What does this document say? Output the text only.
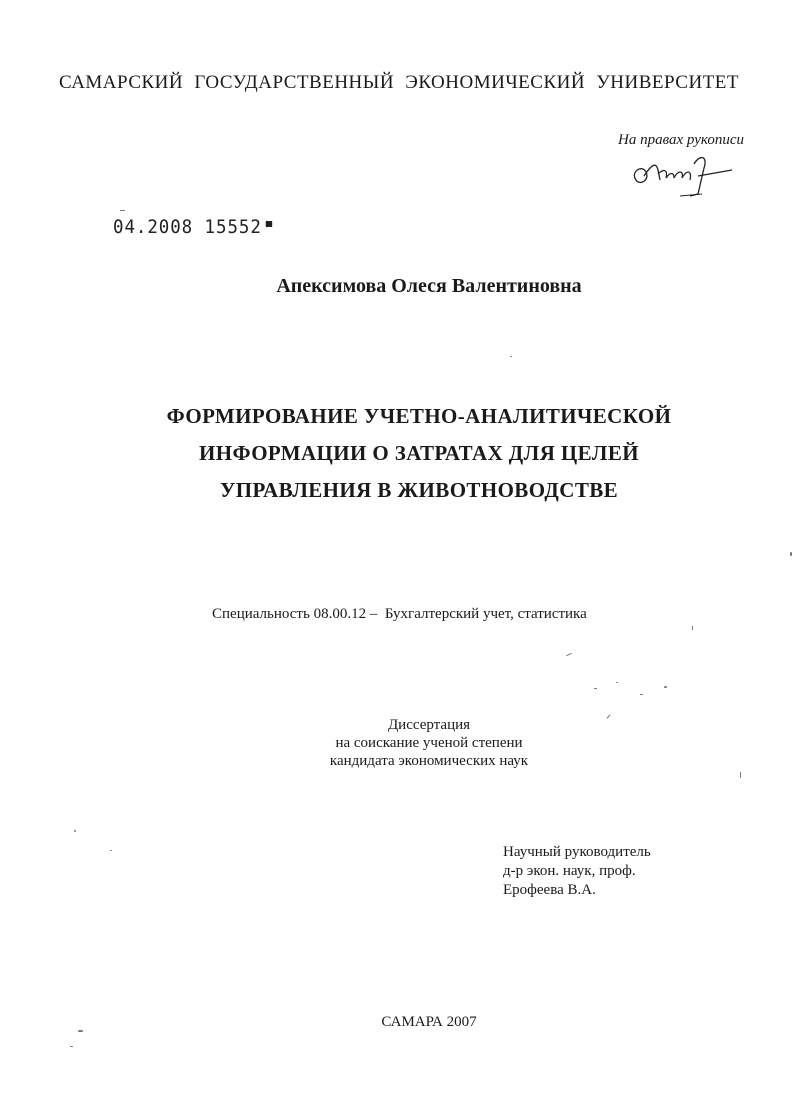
САМАРСКИЙ ГОСУДАРСТВЕННЫЙ ЭКОНОМИЧЕСКИЙ УНИВЕРСИТЕТ
На правах рукописи
04.2008 15552
Апексимова Олеся Валентиновна
ФОРМИРОВАНИЕ УЧЕТНО-АНАЛИТИЧЕСКОЙ
ИНФОРМАЦИИ О ЗАТРАТАХ ДЛЯ ЦЕЛЕЙ
УПРАВЛЕНИЯ В ЖИВОТНОВОДСТВЕ
Специальность 08.00.12 –  Бухгалтерский учет, статистика
Диссертация
на соискание ученой степени
кандидата экономических наук
Научный руководитель
д-р экон. наук, проф.
Ерофеева В.А.
САМАРА 2007
